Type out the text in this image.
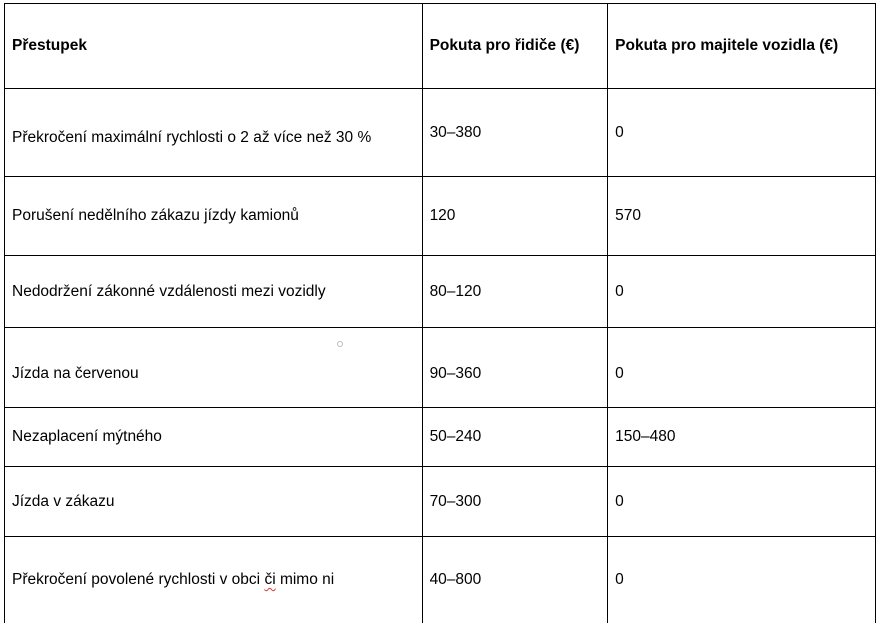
Přestupek	Pokuta pro řidiče (€)	Pokuta pro majitele vozidla (€)
Překročení maximální rychlosti o 2 až více než 30 %	30–380	0
Porušení nedělního zákazu jízdy kamionů	120	570
Nedodržení zákonné vzdálenosti mezi vozidly	80–120	0
Jízda na červenou	90–360	0
Nezaplacení mýtného	50–240	150–480
Jízda v zákazu	70–300	0
Překročení povolené rychlosti v obci či mimo ni	40–800	0
